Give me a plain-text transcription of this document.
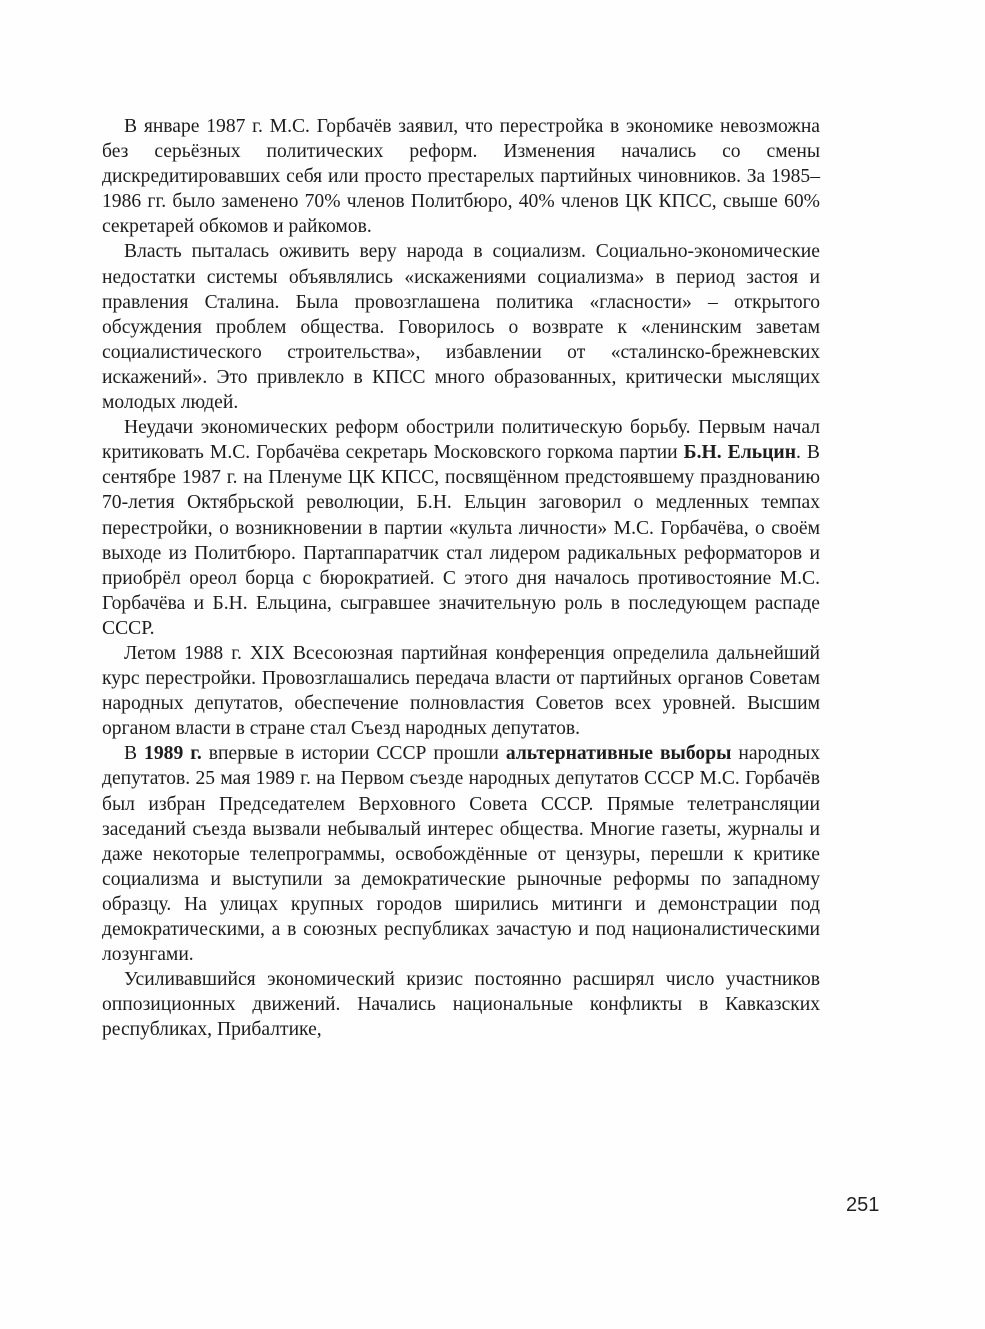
В январе 1987 г. М.С. Горбачёв заявил, что перестройка в экономике невозможна без серьёзных политических реформ. Изменения начались со смены дискредитировавших себя или просто престарелых партийных чиновников. За 1985–1986 гг. было заменено 70% членов Политбюро, 40% членов ЦК КПСС, свыше 60% секретарей обкомов и райкомов.

Власть пыталась оживить веру народа в социализм. Социально-экономические недостатки системы объявлялись «искажениями социализма» в период застоя и правления Сталина. Была провозглашена политика «гласности» – открытого обсуждения проблем общества. Говорилось о возврате к «ленинским заветам социалистического строительства», избавлении от «сталинско-брежневских искажений». Это привлекло в КПСС много образованных, критически мыслящих молодых людей.

Неудачи экономических реформ обострили политическую борьбу. Первым начал критиковать М.С. Горбачёва секретарь Московского горкома партии Б.Н. Ельцин. В сентябре 1987 г. на Пленуме ЦК КПСС, посвящённом предстоявшему празднованию 70-летия Октябрьской революции, Б.Н. Ельцин заговорил о медленных темпах перестройки, о возникновении в партии «культа личности» М.С. Горбачёва, о своём выходе из Политбюро. Партаппаратчик стал лидером радикальных реформаторов и приобрёл ореол борца с бюрократией. С этого дня началось противостояние М.С. Горбачёва и Б.Н. Ельцина, сыгравшее значительную роль в последующем распаде СССР.

Летом 1988 г. XIX Всесоюзная партийная конференция определила дальнейший курс перестройки. Провозглашались передача власти от партийных органов Советам народных депутатов, обеспечение полновластия Советов всех уровней. Высшим органом власти в стране стал Съезд народных депутатов.

В 1989 г. впервые в истории СССР прошли альтернативные выборы народных депутатов. 25 мая 1989 г. на Первом съезде народных депутатов СССР М.С. Горбачёв был избран Председателем Верховного Совета СССР. Прямые телетрансляции заседаний съезда вызвали небывалый интерес общества. Многие газеты, журналы и даже некоторые телепрограммы, освобождённые от цензуры, перешли к критике социализма и выступили за демократические рыночные реформы по западному образцу. На улицах крупных городов ширились митинги и демонстрации под демократическими, а в союзных республиках зачастую и под националистическими лозунгами.

Усиливавшийся экономический кризис постоянно расширял число участников оппозиционных движений. Начались национальные конфликты в Кавказских республиках, Прибалтике,

251
